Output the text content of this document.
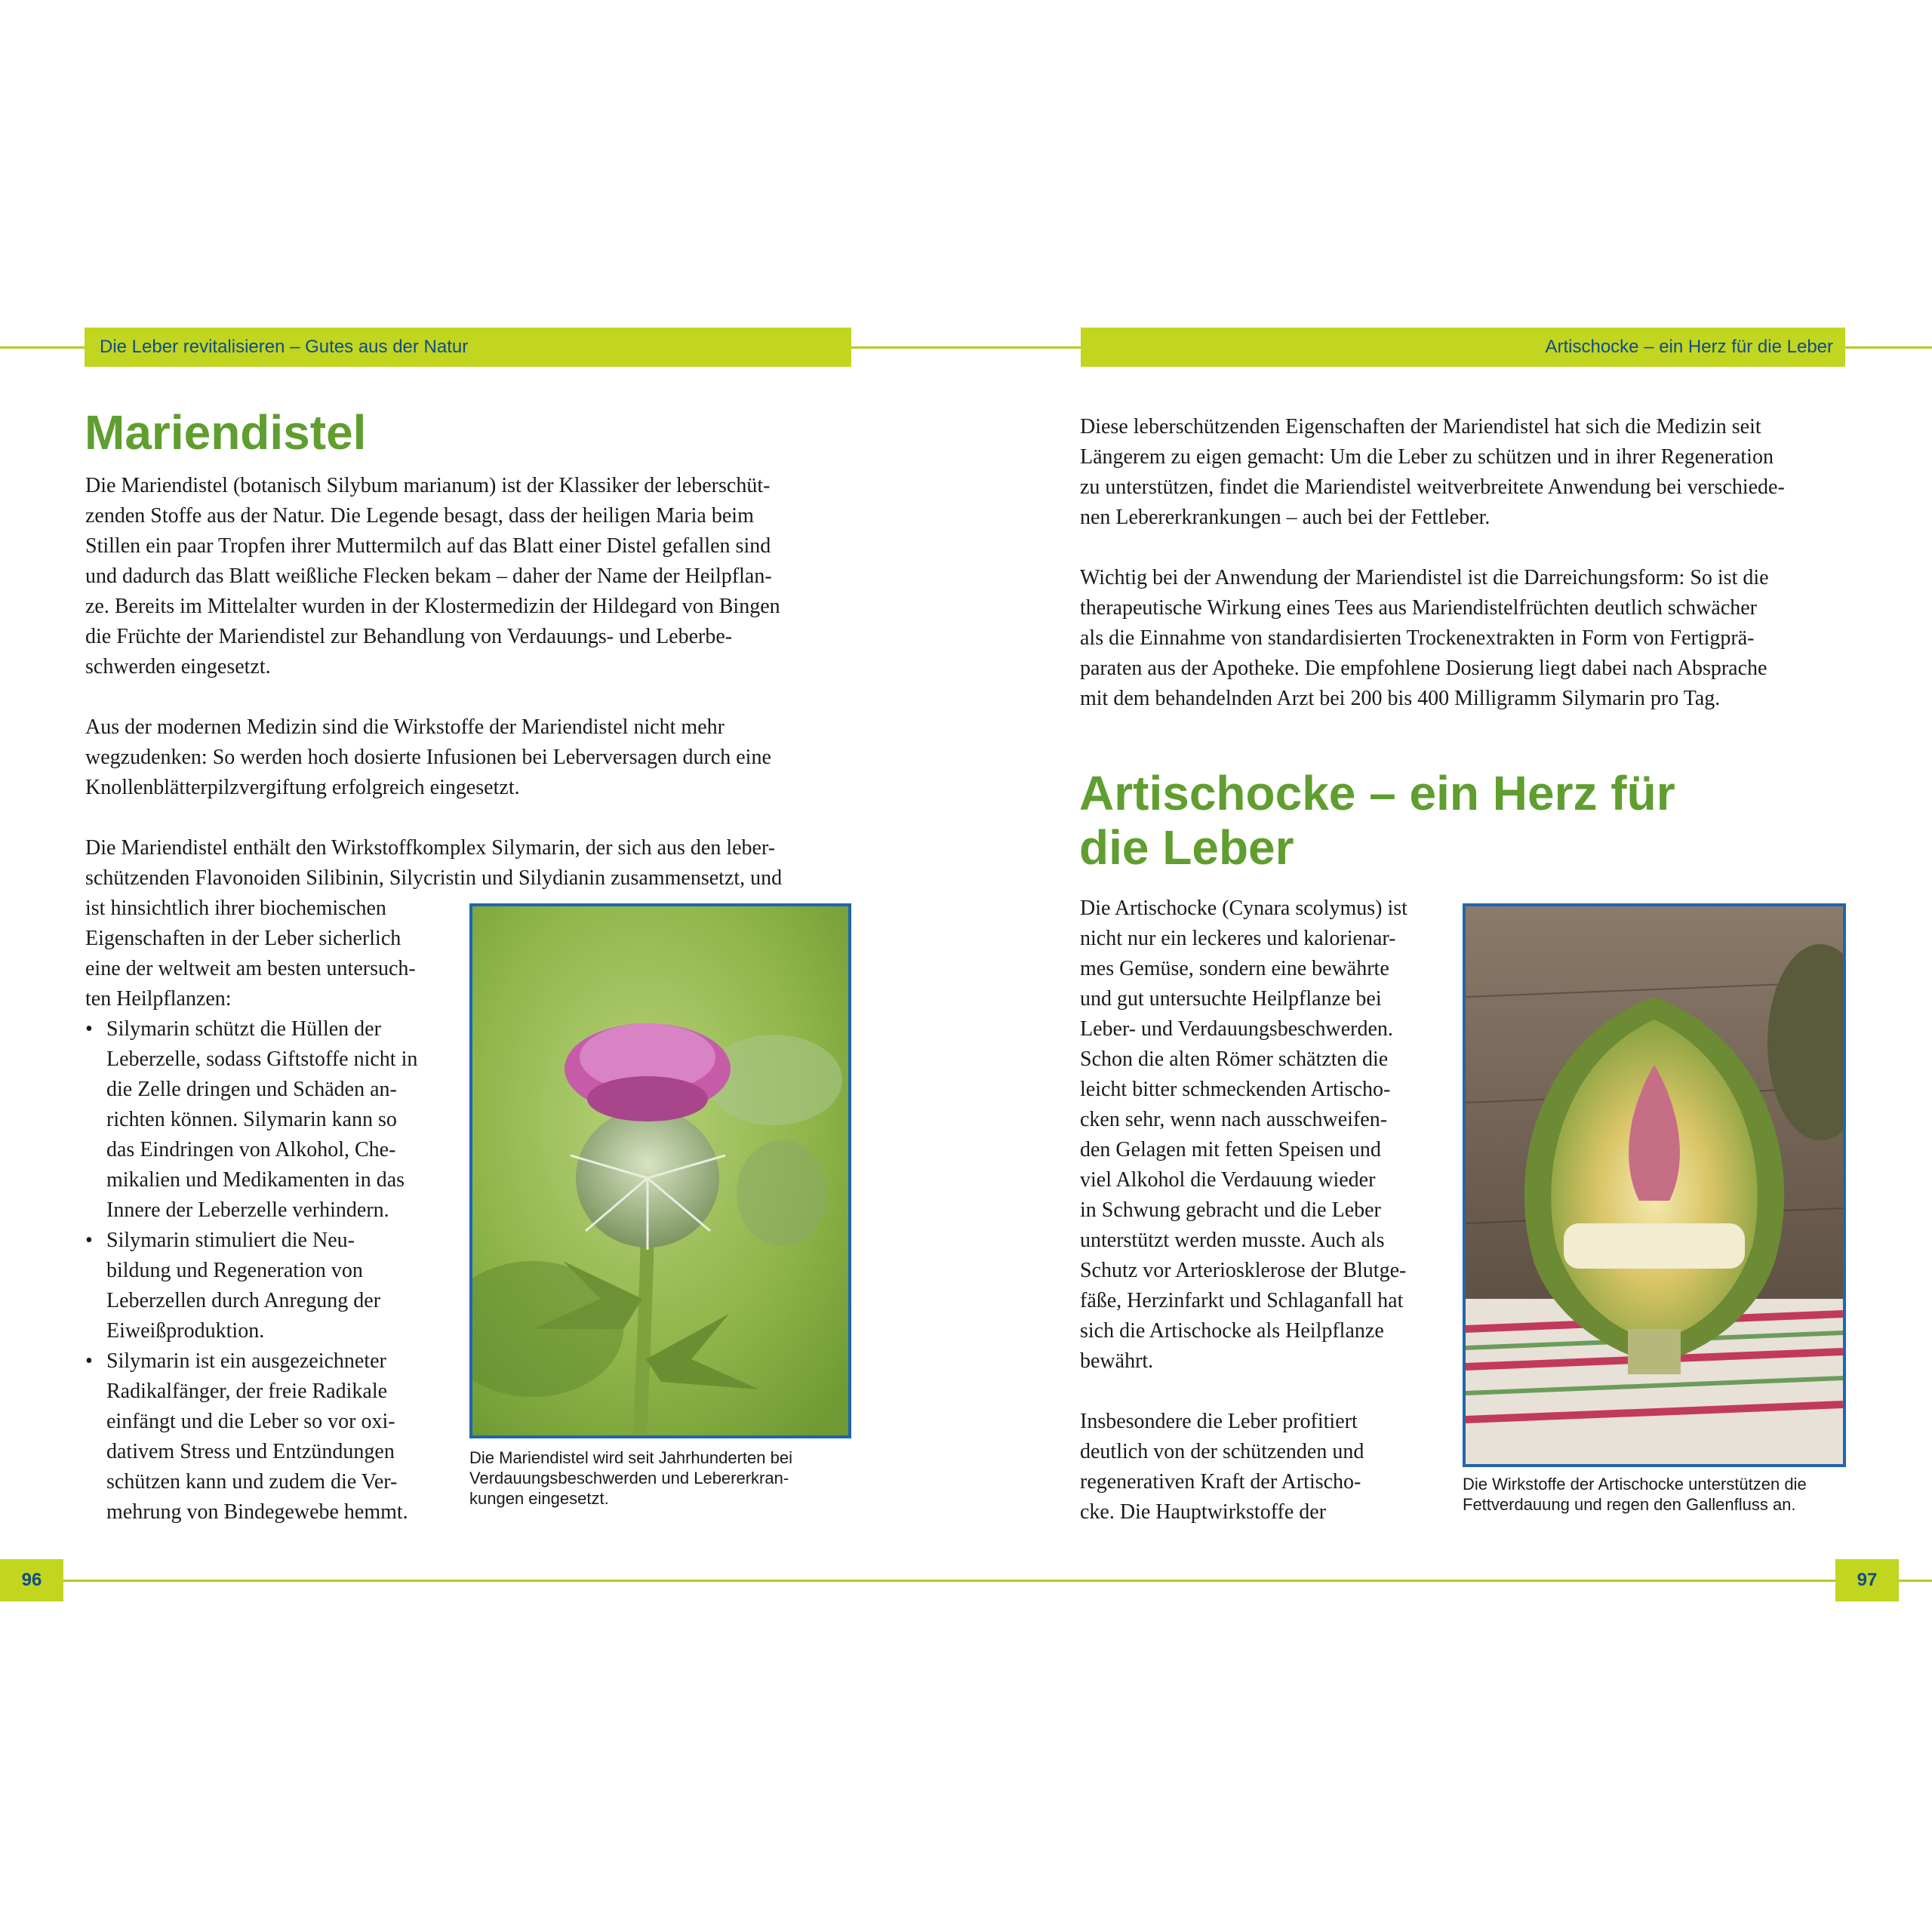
Die Leber revitalisieren – Gutes aus der Natur	Artischocke – ein Herz für die Leber
Mariendistel

Die Mariendistel (botanisch Silybum marianum) ist der Klassiker der leberschüt-
zenden Stoffe aus der Natur. Die Legende besagt, dass der heiligen Maria beim
Stillen ein paar Tropfen ihrer Muttermilch auf das Blatt einer Distel gefallen sind
und dadurch das Blatt weißliche Flecken bekam – daher der Name der Heilpflan-
ze. Bereits im Mittelalter wurden in der Klostermedizin der Hildegard von Bingen
die Früchte der Mariendistel zur Behandlung von Verdauungs- und Leberbe-
schwerden eingesetzt.

Aus der modernen Medizin sind die Wirkstoffe der Mariendistel nicht mehr
wegzudenken: So werden hoch dosierte Infusionen bei Leberversagen durch eine
Knollenblätterpilzvergiftung erfolgreich eingesetzt.

Die Mariendistel enthält den Wirkstoffkomplex Silymarin, der sich aus den leber-
schützenden Flavonoiden Silibinin, Silycristin und Silydianin zusammensetzt, und

ist hinsichtlich ihrer biochemischen
Eigenschaften in der Leber sicherlich
eine der weltweit am besten untersuch-
ten Heilpflanzen:

• Silymarin schützt die Hüllen der
Leberzelle, sodass Giftstoffe nicht in
die Zelle dringen und Schäden an-
richten können. Silymarin kann so
das Eindringen von Alkohol, Che-
mikalien und Medikamenten in das
Innere der Leberzelle verhindern.
• Silymarin stimuliert die Neu-
bildung und Regeneration von
Leberzellen durch Anregung der
Eiweißproduktion.
• Silymarin ist ein ausgezeichneter
Radikalfänger, der freie Radikale
einfängt und die Leber so vor oxi-
dativem Stress und Entzündungen
schützen kann und zudem die Ver-
mehrung von Bindegewebe hemmt.
Die Mariendistel wird seit Jahrhunderten bei
Verdauungsbeschwerden und Lebererkran-
kungen eingesetzt.

Diese leberschützenden Eigenschaften der Mariendistel hat sich die Medizin seit
Längerem zu eigen gemacht: Um die Leber zu schützen und in ihrer Regeneration
zu unterstützen, findet die Mariendistel weitverbreitete Anwendung bei verschiede-
nen Lebererkrankungen – auch bei der Fettleber.

Wichtig bei der Anwendung der Mariendistel ist die Darreichungsform: So ist die
therapeutische Wirkung eines Tees aus Mariendistelfrüchten deutlich schwächer
als die Einnahme von standardisierten Trockenextrakten in Form von Fertigprä-
paraten aus der Apotheke. Die empfohlene Dosierung liegt dabei nach Absprache
mit dem behandelnden Arzt bei 200 bis 400 Milligramm Silymarin pro Tag.

Artischocke – ein Herz für
die Leber

Die Artischocke (Cynara scolymus) ist
nicht nur ein leckeres und kalorienar-
mes Gemüse, sondern eine bewährte
und gut untersuchte Heilpflanze bei
Leber- und Verdauungsbeschwerden.
Schon die alten Römer schätzten die
leicht bitter schmeckenden Artischo-
cken sehr, wenn nach ausschweifen-
den Gelagen mit fetten Speisen und
viel Alkohol die Verdauung wieder
in Schwung gebracht und die Leber
unterstützt werden musste. Auch als
Schutz vor Arteriosklerose der Blutge-
fäße, Herzinfarkt und Schlaganfall hat
sich die Artischocke als Heilpflanze
bewährt.

Insbesondere die Leber profitiert
deutlich von der schützenden und
regenerativen Kraft der Artischo-
cke. Die Hauptwirkstoffe der

Die Wirkstoffe der Artischocke unterstützen die
Fettverdauung und regen den Gallenfluss an.
96	97
